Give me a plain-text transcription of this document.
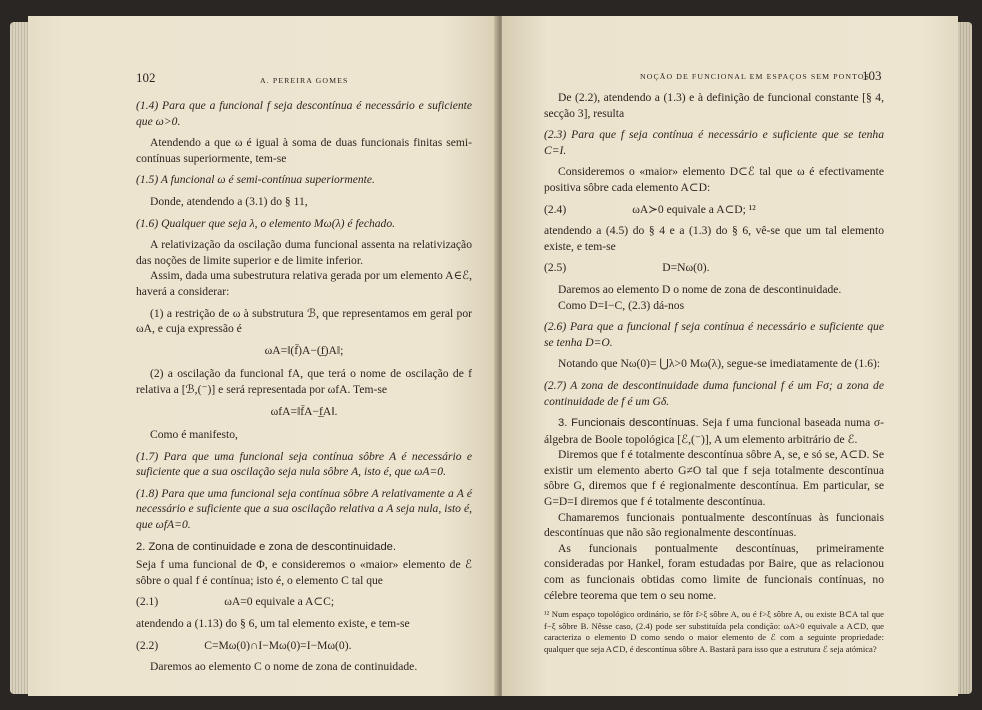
102	A. PEREIRA GOMES

(1.4) Para que a funcional f seja descontínua é necessário e suficiente que ω>0.

Atendendo a que ω é igual à soma de duas funcionais finitas semi-contínuas superiormente, tem-se

(1.5) A funcional ω é semi-contínua superiormente.

Donde, atendendo a (3.1) do § 11,

(1.6) Qualquer que seja λ, o elemento Mω(λ) é fechado.

A relativização da oscilação duma funcional assenta na relativização das noções de limite superior e de limite inferior.

Assim, dada uma subestrutura relativa gerada por um elemento A∈ℰ, haverá a considerar:

(1) a restrição de ω à substrutura ℬ, que representamos em geral por ωA, e cuja expressão é

ωA=‖(f̄)A−(f̲)A‖;

(2) a oscilação da funcional fA, que terá o nome de oscilação de f relativa a [ℬ,(⁻)] e será representada por ωfA. Tem-se

ωfA=‖f̄A−f̲A‖.

Como é manifesto,

(1.7) Para que uma funcional seja contínua sôbre A é necessário e suficiente que a sua oscilação seja nula sôbre A, isto é, que ωA=0.

(1.8) Para que uma funcional seja contínua sôbre A relativamente a A é necessário e suficiente que a sua oscilação relativa a A seja nula, isto é, que ωfA=0.

2. Zona de continuidade e zona de descontinuidade.

Seja f uma funcional de Φ, e consideremos o «maior» elemento de ℰ sôbre o qual f é contínua; isto é, o elemento C tal que

(2.1)	ωA=0 equivale a A⊂C;

atendendo a (1.13) do § 6, um tal elemento existe, e tem-se

(2.2)	C=Mω(0)∩I−Mω(0)=I−Mω(0).

Daremos ao elemento C o nome de zona de continuidade.

NOÇÃO DE FUNCIONAL EM ESPAÇOS SEM PONTOS
103

De (2.2), atendendo a (1.3) e à definição de funcional constante [§ 4, secção 3], resulta

(2.3) Para que f seja contínua é necessário e suficiente que se tenha C=I.

Consideremos o «maior» elemento D⊂ℰ tal que ω é efectivamente positiva sôbre cada elemento A⊂D:

(2.4)	ωA≻0 equivale a A⊂D; ¹²

atendendo a (4.5) do § 4 e a (1.3) do § 6, vê-se que um tal elemento existe, e tem-se

(2.5)	D=Nω(0).

Daremos ao elemento D o nome de zona de descontinuidade.

Como D=I−C, (2.3) dá-nos

(2.6) Para que a funcional f seja contínua é necessário e suficiente que se tenha D=O.

Notando que Nω(0)= ⋃λ>0 Mω(λ), segue-se imediatamente de (1.6):

(2.7) A zona de descontinuidade duma funcional f é um Fσ; a zona de continuidade de f é um Gδ.

3. Funcionais descontínuas. Seja f uma funcional baseada numa σ-álgebra de Boole topológica [ℰ,(⁻)], A um elemento arbitrário de ℰ.

Diremos que f é totalmente descontínua sôbre A, se, e só se, A⊂D. Se existir um elemento aberto G≠O tal que f seja totalmente descontínua sôbre G, diremos que f é regionalmente descontínua. Em particular, se G=D=I diremos que f é totalmente descontínua.

Chamaremos funcionais pontualmente descontínuas às funcionais descontínuas que não são regionalmente descontínuas.

As funcionais pontualmente descontínuas, primeiramente consideradas por Hankel, foram estudadas por Baire, que as relacionou com as funcionais obtidas como limite de funcionais contínuas, no célebre teorema que tem o seu nome.

¹² Num espaço topológico ordinário, se fôr f>ξ sôbre A, ou é f>ξ sôbre A, ou existe B⊂A tal que f−ξ sôbre B. Nêsse caso, (2.4) pode ser substituída pela condição: ωA>0 equivale a A⊂D, que caracteriza o elemento D como sendo o maior elemento de ℰ com a seguinte propriedade: qualquer que seja A⊂D, é descontínua sôbre A. Bastará para isso que a estrutura ℰ seja atómica?
